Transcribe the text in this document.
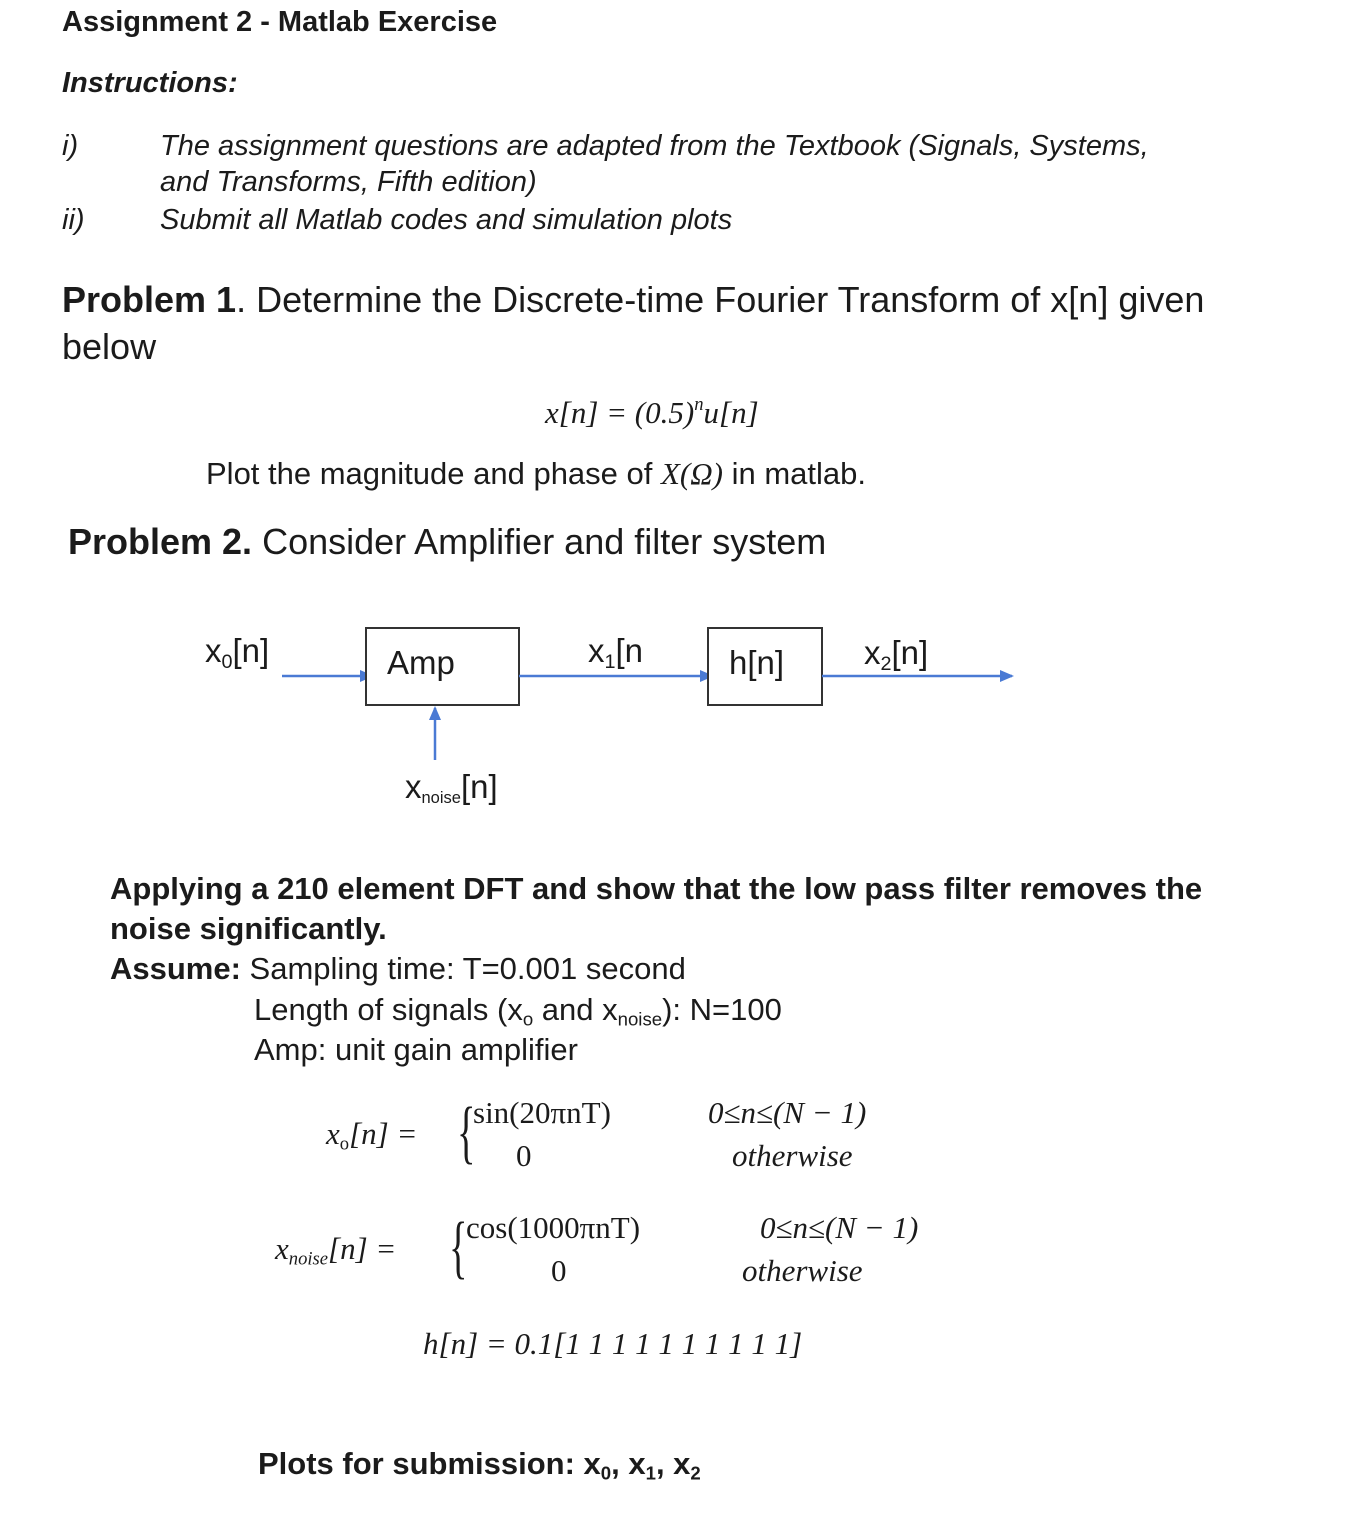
Assignment 2 - Matlab Exercise
Instructions:
i)	The assignment questions are adapted from the Textbook (Signals, Systems,
and Transforms, Fifth edition)
ii)	Submit all Matlab codes and simulation plots
Problem 1. Determine the Discrete-time Fourier Transform of x[n] given
below
$x[n] = (0.5)^nu[n]$
Plot the magnitude and phase of X(Ω) in matlab.
Problem 2. Consider Amplifier and filter system
$x_0[n]$	Amp	$x_1[n$	h[n] $x_2[n]$
$x_{noise}[n]$
Applying a 210 element DFT and show that the low pass filter removes the
noise significantly.
Assume: Sampling time: T=0.001 second
Length of signals ($x_o$ and $x_{noise}$): N=100
Amp: unit gain amplifier
$x_o[n]$ = {
sin(20πnT)
0
0≤n≤(N − 1)
otherwise
$x_{noise}[n]$ = {
cos(1000πnT)
0
0≤n≤(N − 1)
otherwise
h[n] = 0.1[1 1 1 1 1 1 1 1 1 1]
Plots for submission: $x_0$, $x_1$, $x_2$
